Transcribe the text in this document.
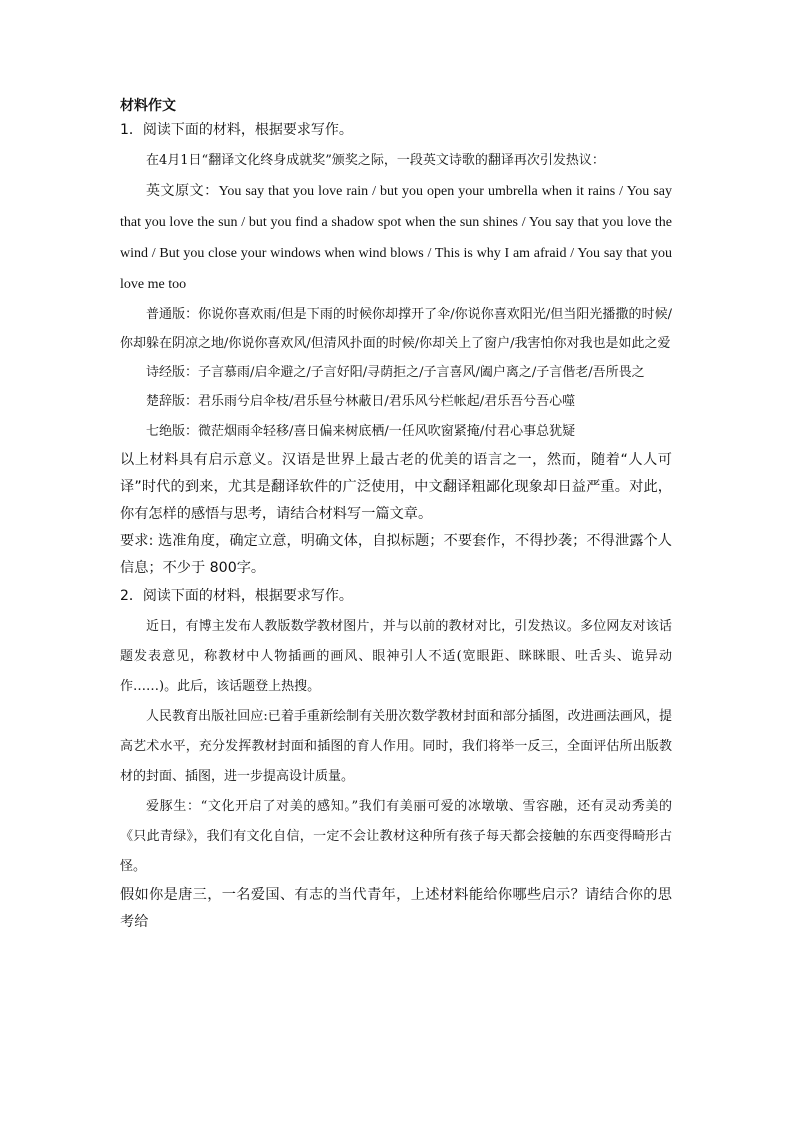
材料作文

1．阅读下面的材料，根据要求写作。

在4月1日“翻译文化终身成就奖”颁奖之际，一段英文诗歌的翻译再次引发热议：

英文原文：You say that you love rain / but you open your umbrella when it rains / You say that you love the sun / but you find a shadow spot when the sun shines / You say that you love the wind / But you close your windows when wind blows / This is why I am afraid / You say that you love me too

普通版：你说你喜欢雨/但是下雨的时候你却撑开了伞/你说你喜欢阳光/但当阳光播撒的时候/你却躲在阴凉之地/你说你喜欢风/但清风扑面的时候/你却关上了窗户/我害怕你对我也是如此之爱

诗经版：子言慕雨/启伞避之/子言好阳/寻荫拒之/子言喜风/阖户离之/子言偕老/吾所畏之

楚辞版：君乐雨兮启伞枝/君乐昼兮林蔽日/君乐风兮栏帐起/君乐吾兮吾心噬

七绝版：微茫烟雨伞轻移/喜日偏来树底栖/一任风吹窗紧掩/付君心事总犹疑

以上材料具有启示意义。汉语是世界上最古老的优美的语言之一，然而，随着“人人可译”时代的到来，尤其是翻译软件的广泛使用，中文翻译粗鄙化现象却日益严重。对此，你有怎样的感悟与思考，请结合材料写一篇文章。

要求: 选准角度，确定立意，明确文体，自拟标题；不要套作，不得抄袭；不得泄露个人信息；不少于 800字。

2．阅读下面的材料，根据要求写作。

近日，有博主发布人教版数学教材图片，并与以前的教材对比，引发热议。多位网友对该话题发表意见，称教材中人物插画的画风、眼神引人不适(宽眼距、眯眯眼、吐舌头、诡异动作……)。此后，该话题登上热搜。

人民教育出版社回应:已着手重新绘制有关册次数学教材封面和部分插图，改进画法画风，提高艺术水平，充分发挥教材封面和插图的育人作用。同时，我们将举一反三，全面评估所出版教材的封面、插图，进一步提高设计质量。

爱豚生：“文化开启了对美的感知。”我们有美丽可爱的冰墩墩、雪容融，还有灵动秀美的《只此青绿》，我们有文化自信，一定不会让教材这种所有孩子每天都会接触的东西变得畸形古怪。

假如你是唐三，一名爱国、有志的当代青年，上述材料能给你哪些启示？请结合你的思考给
